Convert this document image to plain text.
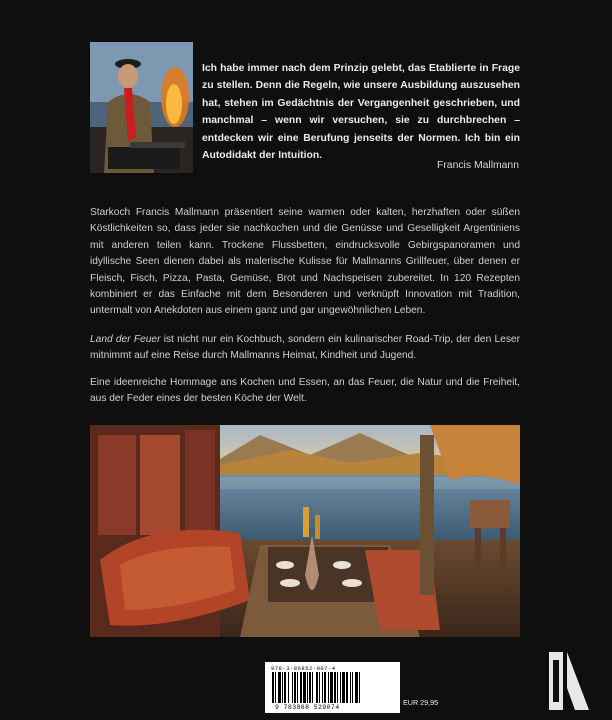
Ich habe immer nach dem Prinzip gelebt, das Etablierte in Frage zu stellen. Denn die Regeln, wie unsere Ausbildung auszusehen hat, stehen im Gedächtnis der Vergangenheit geschrieben, und manchmal – wenn wir versuchen, sie zu durchbrechen – entdecken wir eine Berufung jenseits der Normen. Ich bin ein Autodidakt der Intuition.

Francis Mallmann

Starkoch Francis Mallmann präsentiert seine warmen oder kalten, herzhaften oder süßen Köstlichkeiten so, dass jeder sie nachkochen und die Genüsse und Geselligkeit Argentiniens mit anderen teilen kann. Trockene Flussbetten, eindrucksvolle Gebirgspanoramen und idyllische Seen dienen dabei als malerische Kulisse für Mallmanns Grillfeuer, über denen er Fleisch, Fisch, Pizza, Pasta, Gemüse, Brot und Nachspeisen zubereitet. In 120 Rezepten kombiniert er das Einfache mit dem Besonderen und verknüpft Innovation mit Tradition, untermalt von Anekdoten aus einem ganz und gar ungewöhnlichen Leben.

Land der Feuer ist nicht nur ein Kochbuch, sondern ein kulinarischer Road-Trip, der den Leser mitnimmt auf eine Reise durch Mallmanns Heimat, Kindheit und Jugend.

Eine ideenreiche Hommage ans Kochen und Essen, an das Feuer, die Natur und die Freiheit, aus der Feder eines der besten Köche der Welt.

978-3-86852-907-4
9 783868 529074
EUR 29,95
